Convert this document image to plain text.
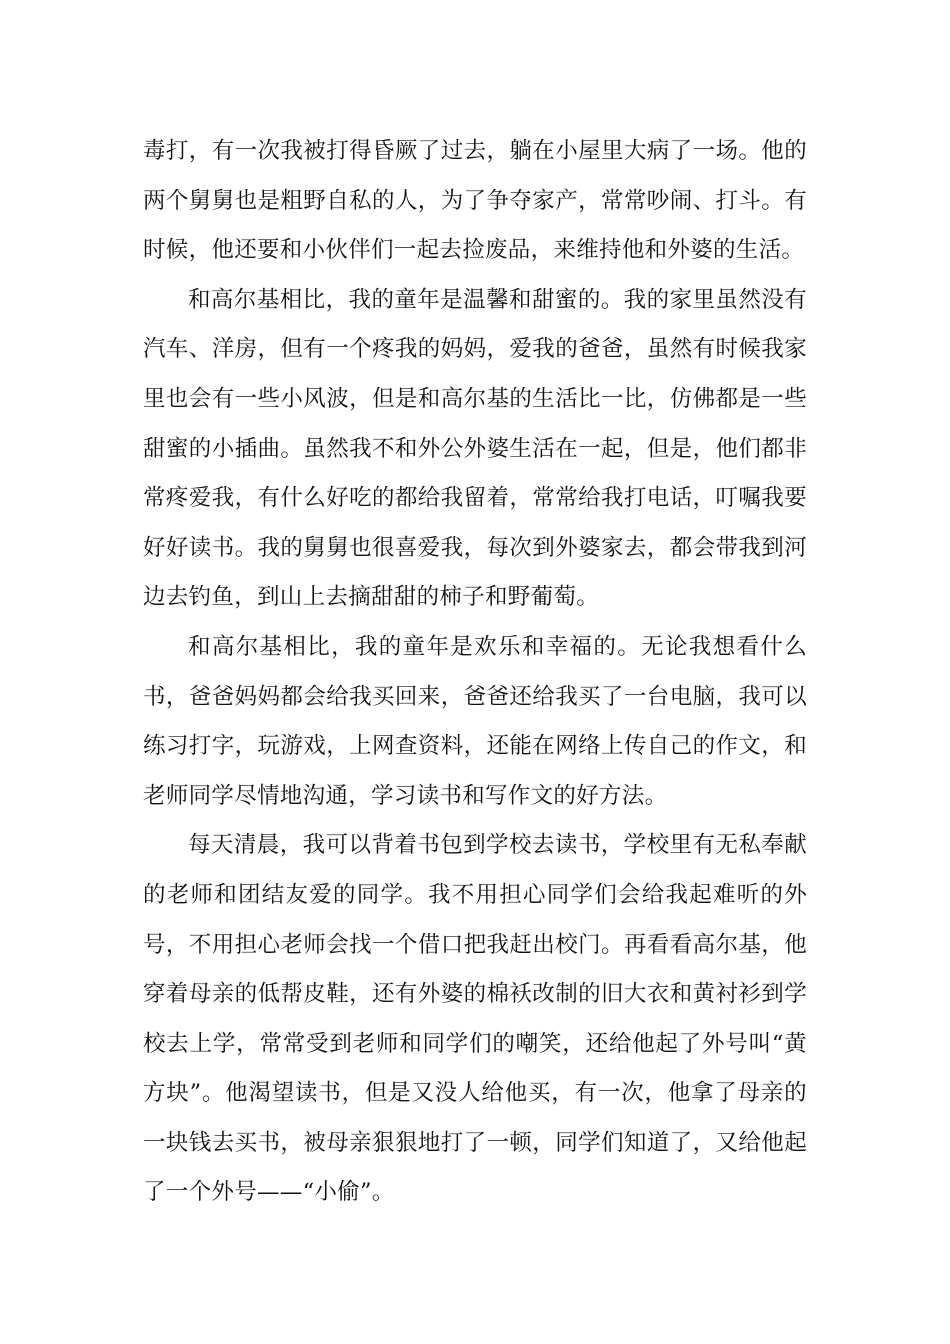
毒打，有一次我被打得昏厥了过去，躺在小屋里大病了一场。他的两个舅舅也是粗野自私的人，为了争夺家产，常常吵闹、打斗。有时候，他还要和小伙伴们一起去捡废品，来维持他和外婆的生活。

和高尔基相比，我的童年是温馨和甜蜜的。我的家里虽然没有汽车、洋房，但有一个疼我的妈妈，爱我的爸爸，虽然有时候我家里也会有一些小风波，但是和高尔基的生活比一比，仿佛都是一些甜蜜的小插曲。虽然我不和外公外婆生活在一起，但是，他们都非常疼爱我，有什么好吃的都给我留着，常常给我打电话，叮嘱我要好好读书。我的舅舅也很喜爱我，每次到外婆家去，都会带我到河边去钓鱼，到山上去摘甜甜的柿子和野葡萄。

和高尔基相比，我的童年是欢乐和幸福的。无论我想看什么书，爸爸妈妈都会给我买回来，爸爸还给我买了一台电脑，我可以练习打字，玩游戏，上网查资料，还能在网络上传自己的作文，和老师同学尽情地沟通，学习读书和写作文的好方法。

每天清晨，我可以背着书包到学校去读书，学校里有无私奉献的老师和团结友爱的同学。我不用担心同学们会给我起难听的外号，不用担心老师会找一个借口把我赶出校门。再看看高尔基，他穿着母亲的低帮皮鞋，还有外婆的棉袄改制的旧大衣和黄衬衫到学校去上学，常常受到老师和同学们的嘲笑，还给他起了外号叫“黄方块”。他渴望读书，但是又没人给他买，有一次，他拿了母亲的一块钱去买书，被母亲狠狠地打了一顿，同学们知道了，又给他起了一个外号——“小偷”。
